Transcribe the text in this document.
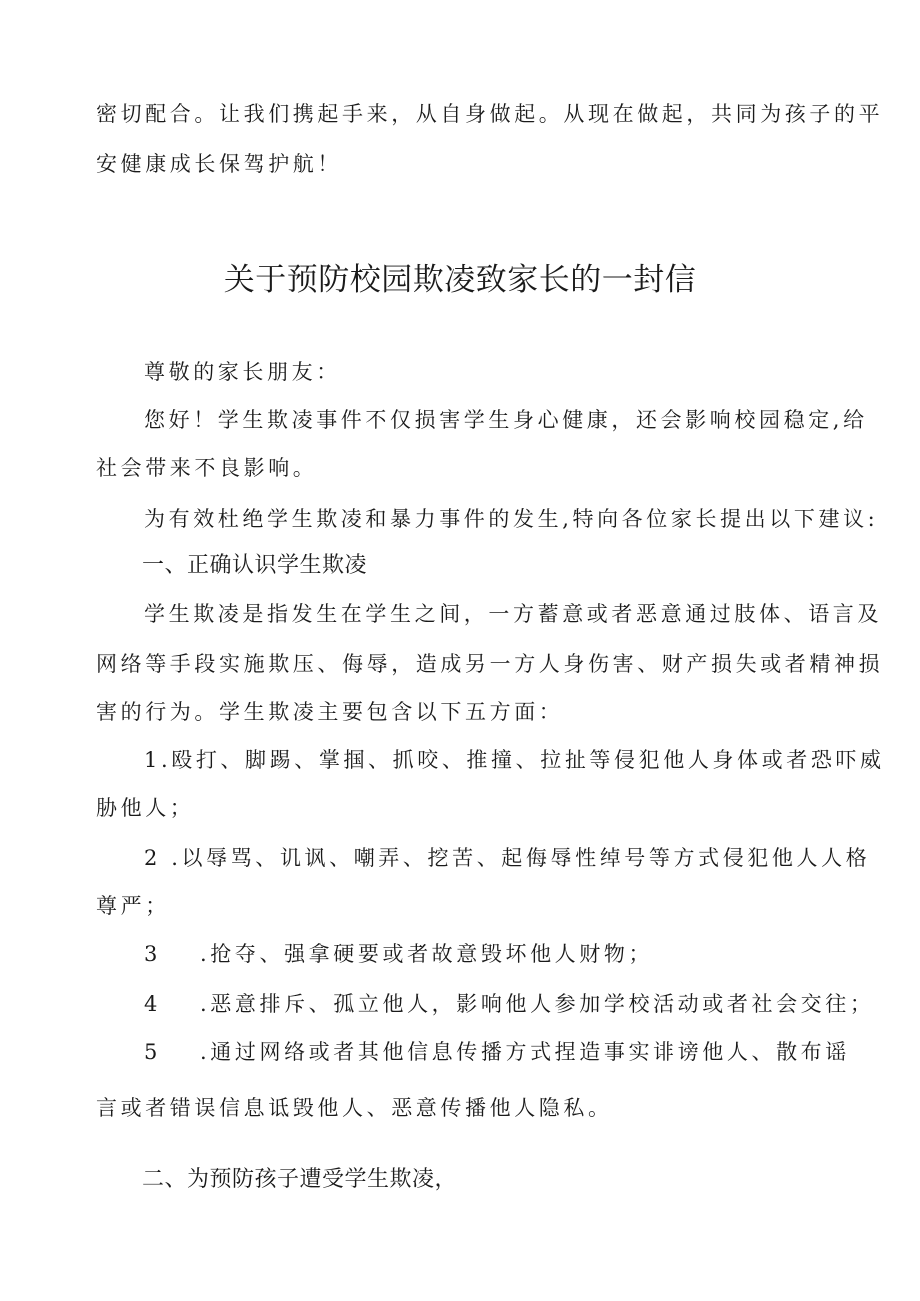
密切配合。让我们携起手来，从自身做起。从现在做起，共同为孩子的平
安健康成长保驾护航！
关于预防校园欺凌致家长的一封信
尊敬的家长朋友：
您好！学生欺凌事件不仅损害学生身心健康，还会影响校园稳定,给
社会带来不良影响。
为有效杜绝学生欺凌和暴力事件的发生,特向各位家长提出以下建议:
一、正确认识学生欺凌
学生欺凌是指发生在学生之间，一方蓄意或者恶意通过肢体、语言及
网络等手段实施欺压、侮辱，造成另一方人身伤害、财产损失或者精神损
害的行为。学生欺凌主要包含以下五方面：
1.殴打、脚踢、掌掴、抓咬、推撞、拉扯等侵犯他人身体或者恐吓威
胁他人；
2 .以辱骂、讥讽、嘲弄、挖苦、起侮辱性绰号等方式侵犯他人人格
尊严；
3 .抢夺、强拿硬要或者故意毁坏他人财物；
4 .恶意排斥、孤立他人，影响他人参加学校活动或者社会交往；
5 .通过网络或者其他信息传播方式捏造事实诽谤他人、散布谣
言或者错误信息诋毁他人、恶意传播他人隐私。
二、为预防孩子遭受学生欺凌，
